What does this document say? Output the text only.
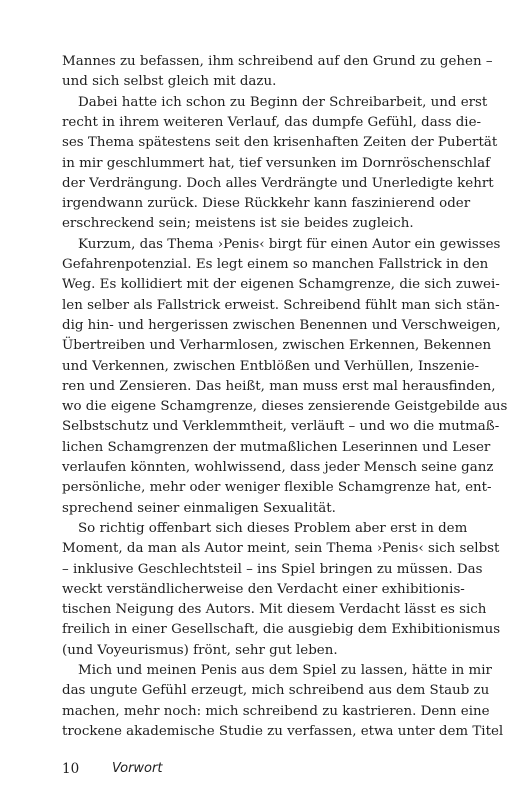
Mannes zu befassen, ihm schreibend auf den Grund zu gehen –
und sich selbst gleich mit dazu.
Dabei hatte ich schon zu Beginn der Schreibarbeit, und erst
recht in ihrem weiteren Verlauf, das dumpfe Gefühl, dass die-
ses Thema spätestens seit den krisenhaften Zeiten der Pubertät
in mir geschlummert hat, tief versunken im Dornröschenschlaf
der Verdrängung. Doch alles Verdrängte und Unerledigte kehrt
irgendwann zurück. Diese Rückkehr kann faszinierend oder
erschreckend sein; meistens ist sie beides zugleich.
Kurzum, das Thema ›Penis‹ birgt für einen Autor ein gewisses
Gefahrenpotenzial. Es legt einem so manchen Fallstrick in den
Weg. Es kollidiert mit der eigenen Schamgrenze, die sich zuwei-
len selber als Fallstrick erweist. Schreibend fühlt man sich stän-
dig hin- und hergerissen zwischen Benennen und Verschweigen,
Übertreiben und Verharmlosen, zwischen Erkennen, Bekennen
und Verkennen, zwischen Entblößen und Verhüllen, Inszenie-
ren und Zensieren. Das heißt, man muss erst mal herausfinden,
wo die eigene Schamgrenze, dieses zensierende Geistgebilde aus
Selbstschutz und Verklemmtheit, verläuft – und wo die mutmaß-
lichen Schamgrenzen der mutmaßlichen Leserinnen und Leser
verlaufen könnten, wohlwissend, dass jeder Mensch seine ganz
persönliche, mehr oder weniger flexible Schamgrenze hat, ent-
sprechend seiner einmaligen Sexualität.
So richtig offenbart sich dieses Problem aber erst in dem
Moment, da man als Autor meint, sein Thema ›Penis‹ sich selbst
– inklusive Geschlechtsteil – ins Spiel bringen zu müssen. Das
weckt verständlicherweise den Verdacht einer exhibitionis-
tischen Neigung des Autors. Mit diesem Verdacht lässt es sich
freilich in einer Gesellschaft, die ausgiebig dem Exhibitionismus
(und Voyeurismus) frönt, sehr gut leben.
Mich und meinen Penis aus dem Spiel zu lassen, hätte in mir
das ungute Gefühl erzeugt, mich schreibend aus dem Staub zu
machen, mehr noch: mich schreibend zu kastrieren. Denn eine
trockene akademische Studie zu verfassen, etwa unter dem Titel
10	Vorwort
